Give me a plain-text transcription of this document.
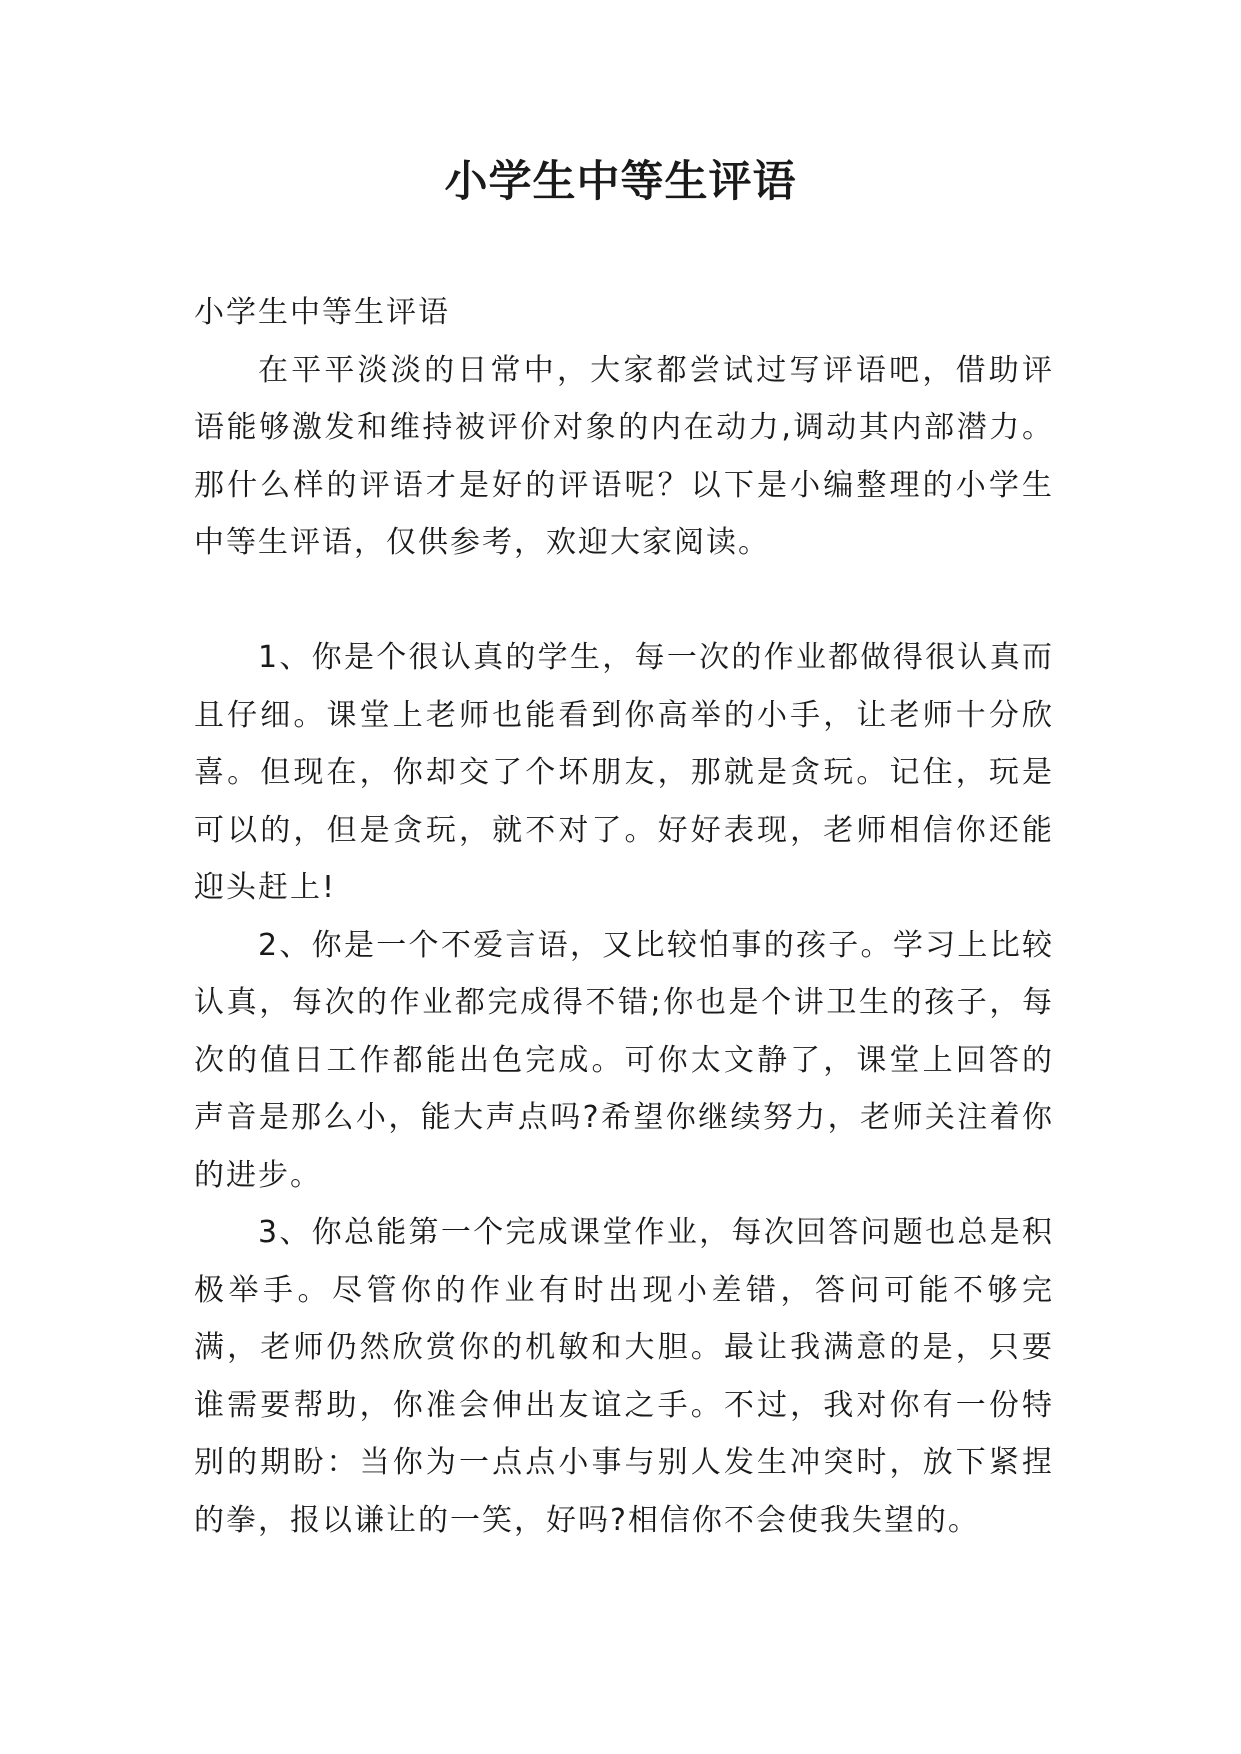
小学生中等生评语

小学生中等生评语

在平平淡淡的日常中，大家都尝试过写评语吧，借助评语能够激发和维持被评价对象的内在动力,调动其内部潜力。那什么样的评语才是好的评语呢？以下是小编整理的小学生中等生评语，仅供参考，欢迎大家阅读。

1、你是个很认真的学生，每一次的作业都做得很认真而且仔细。课堂上老师也能看到你高举的小手，让老师十分欣喜。但现在，你却交了个坏朋友，那就是贪玩。记住，玩是可以的，但是贪玩，就不对了。好好表现，老师相信你还能迎头赶上!

2、你是一个不爱言语，又比较怕事的孩子。学习上比较认真，每次的作业都完成得不错;你也是个讲卫生的孩子，每次的值日工作都能出色完成。可你太文静了，课堂上回答的声音是那么小，能大声点吗?希望你继续努力，老师关注着你的进步。

3、你总能第一个完成课堂作业，每次回答问题也总是积极举手。尽管你的作业有时出现小差错，答问可能不够完满，老师仍然欣赏你的机敏和大胆。最让我满意的是，只要谁需要帮助，你准会伸出友谊之手。不过，我对你有一份特别的期盼：当你为一点点小事与别人发生冲突时，放下紧捏的拳，报以谦让的一笑，好吗?相信你不会使我失望的。
